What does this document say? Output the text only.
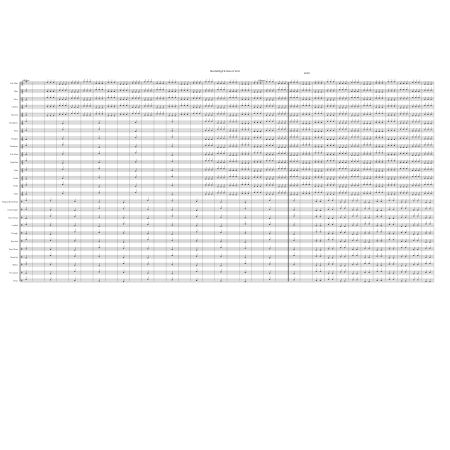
Rockin'ge'n tiwo n'vrat
artist
Allegro	Allegro
Alto Flute 𝄞
Flute 𝄞
Oboe 𝄞
Clarinet 𝄞
Bassoon 𝄞
Saxophone 𝄞
Horn 𝄞
Trumpet 𝄞
Trombone 𝄞
Alto Horn 𝄞
Euph/Bar 𝄞
Tuba 𝄞
Violin 𝄞
Violin 𝄞
Viola 𝄞
Timpani Kettledrum 𝄥
Glockenspiel 𝄥
Snare Drum 𝄥
Cymbal 𝄥
Triangle 𝄥
Tom-tom 𝄥
Bass Drum 𝄥
Drum Set 𝄥
Shaker 𝄥
Percussion 𝄥
Piano 𝄥
